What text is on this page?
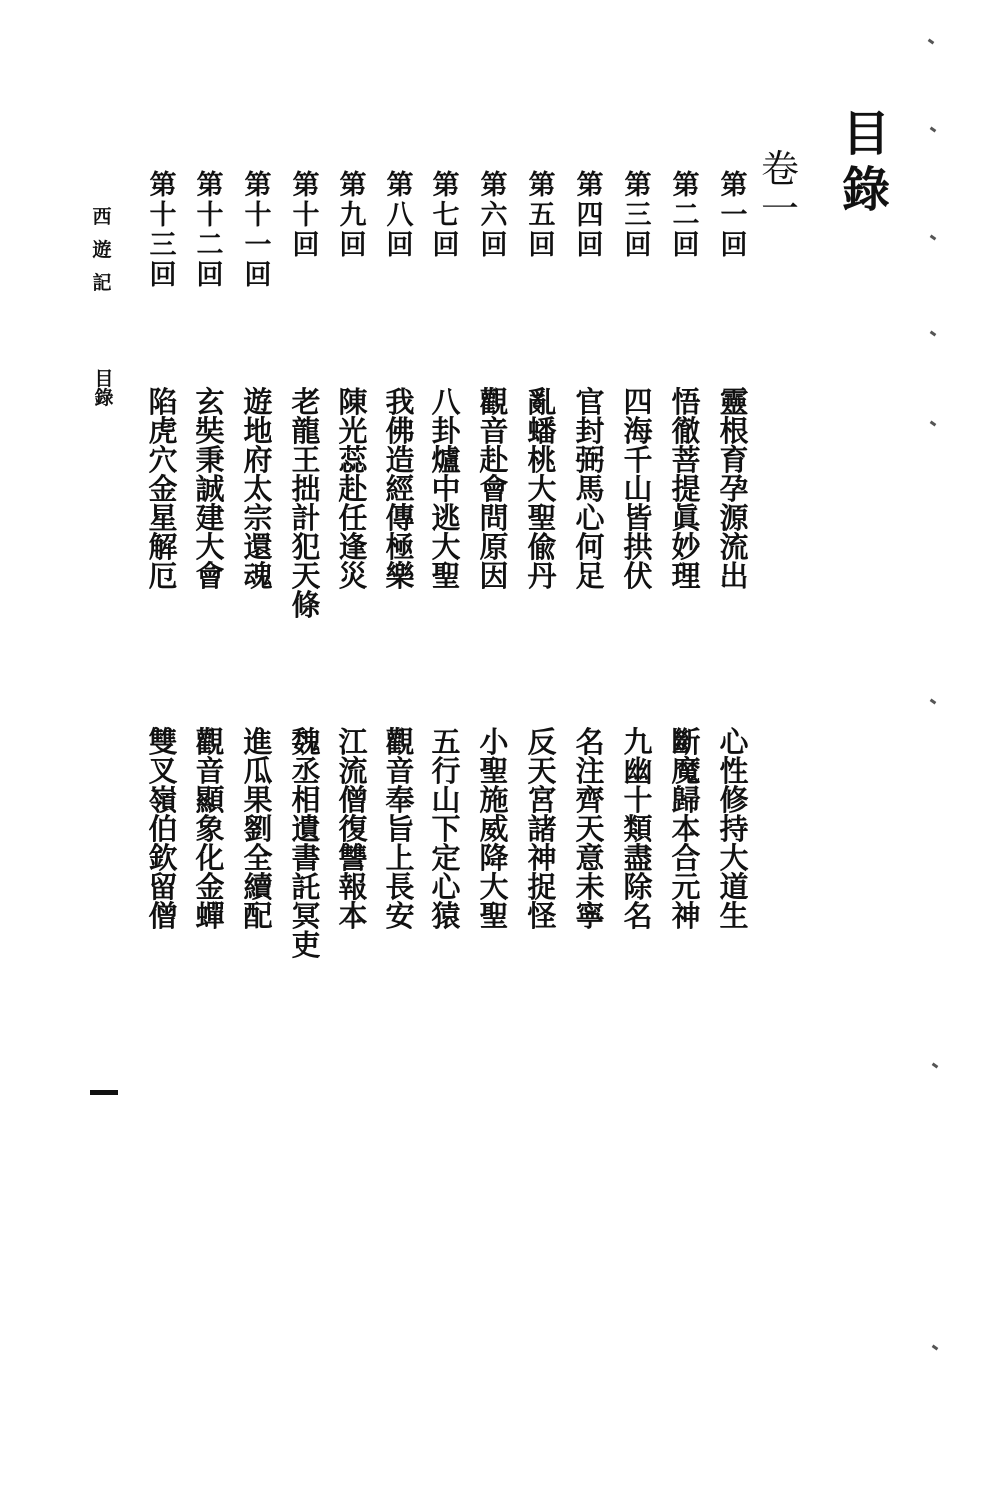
目
錄
卷
一
第
一
回
靈
根
育
孕
源
流
出
心
性
修
持
大
道
生
第
二
回
悟
徹
菩
提
眞
妙
理
斷
魔
歸
本
合
元
神
第
三
回
四
海
千
山
皆
拱
伏
九
幽
十
類
盡
除
名
第
四
回
官
封
弼
馬
心
何
足
名
注
齊
天
意
未
寧
第
五
回
亂
蟠
桃
大
聖
偸
丹
反
天
宮
諸
神
捉
怪
第
六
回
觀
音
赴
會
問
原
因
小
聖
施
威
降
大
聖
第
七
回
八
卦
爐
中
逃
大
聖
五
行
山
下
定
心
猿
第
八
回
我
佛
造
經
傳
極
樂
觀
音
奉
旨
上
長
安
第
九
回
陳
光
蕊
赴
任
逢
災
江
流
僧
復
讐
報
本
第
十
回
老
龍
王
拙
計
犯
天
條
魏
丞
相
遺
書
託
冥
吏
第
十
一
回
遊
地
府
太
宗
還
魂
進
瓜
果
劉
全
續
配
第
十
二
回
玄
奘
秉
誠
建
大
會
觀
音
顯
象
化
金
蟬
第
十
三
回
陷
虎
穴
金
星
解
厄
雙
叉
嶺
伯
欽
留
僧
西
遊
記
目
錄
